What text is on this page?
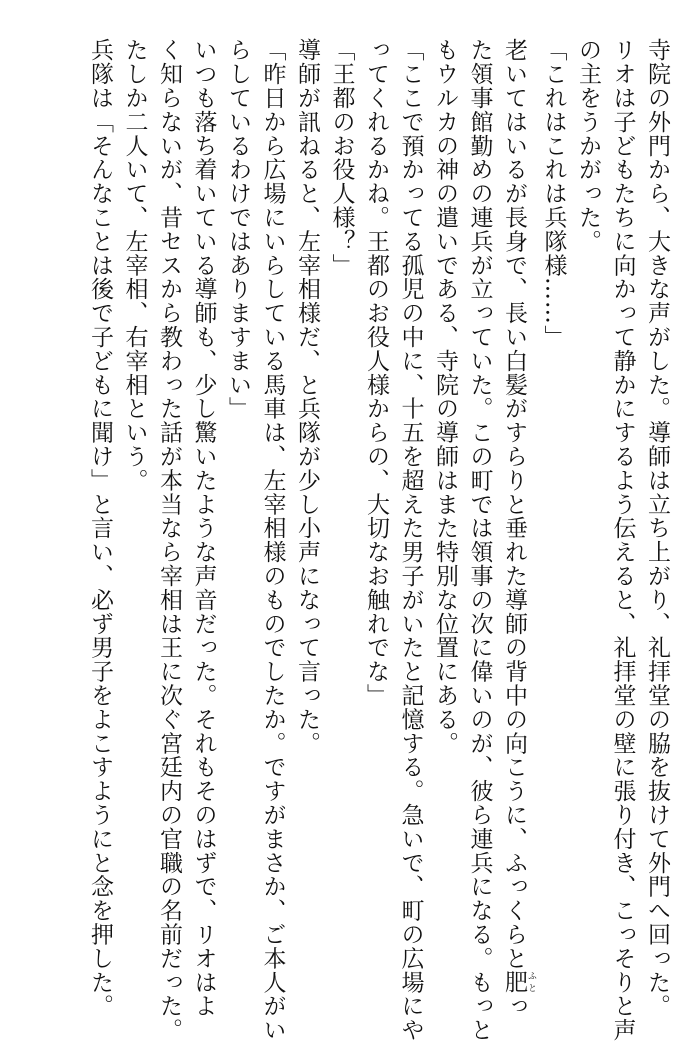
寺院の外門から、大きな声がした。導師は立ち上がり、礼拝堂の脇を抜けて外門へ回った。
リオは子どもたちに向かって静かにするよう伝えると、礼拝堂の壁に張り付き、こっそりと声
の主をうかがった。
「これはこれは兵隊様……」
老いてはいるが長身で、長い白髪がすらりと垂れた導師の背中の向こうに、ふっくらと肥 ふとっ
た領事館勤めの連兵が立っていた。この町では領事の次に偉いのが、彼ら連兵になる。もっと
もウルカの神の遣いである、寺院の導師はまた特別な位置にある。
「ここで預かってる孤児の中に、十五を超えた男子がいたと記憶する。急いで、町の広場にや
ってくれるかね。王都のお役人様からの、大切なお触れでな」
「王都のお役人様？」
導師が訊ねると、左宰相様だ、と兵隊が少し小声になって言った。
「昨日から広場にいらしている馬車は、左宰相様のものでしたか。ですがまさか、ご本人がい
らしているわけではありますまい」
いつも落ち着いている導師も、少し驚いたような声音だった。それもそのはずで、リオはよ
く知らないが、昔セスから教わった話が本当なら宰相は王に次ぐ宮廷内の官職の名前だった。
たしか二人いて、左宰相、右宰相という。
兵隊は「そんなことは後で子どもに聞け」と言い、必ず男子をよこすようにと念を押した。
